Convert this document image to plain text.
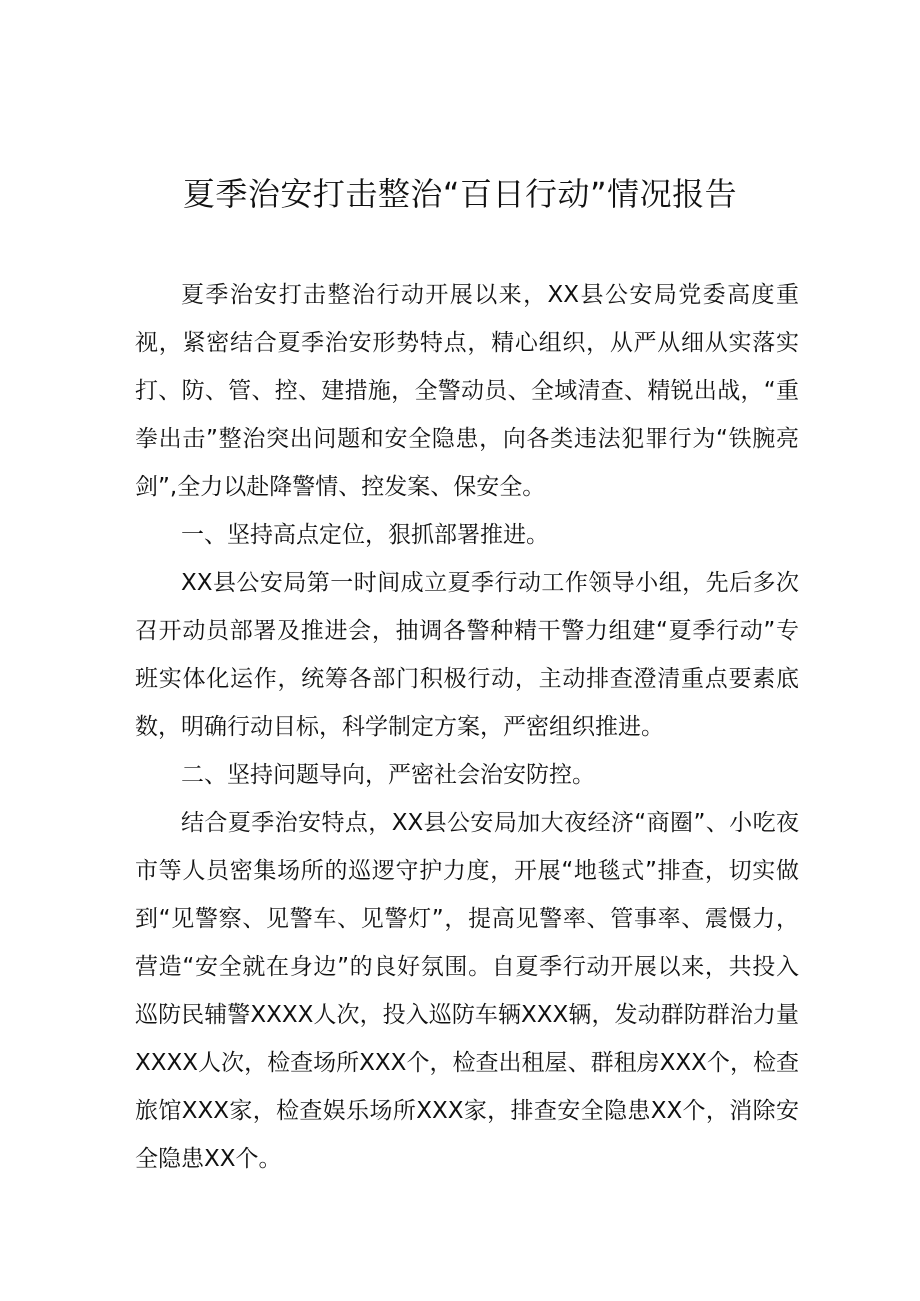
夏季治安打击整治“百日行动”情况报告

夏季治安打击整治行动开展以来，XX县公安局党委高度重视，紧密结合夏季治安形势特点，精心组织，从严从细从实落实打、防、管、控、建措施，全警动员、全域清查、精锐出战，“重拳出击”整治突出问题和安全隐患，向各类违法犯罪行为“铁腕亮剑”,全力以赴降警情、控发案、保安全。

一、坚持高点定位，狠抓部署推进。

XX县公安局第一时间成立夏季行动工作领导小组，先后多次召开动员部署及推进会，抽调各警种精干警力组建“夏季行动”专班实体化运作，统筹各部门积极行动，主动排查澄清重点要素底数，明确行动目标，科学制定方案，严密组织推进。

二、坚持问题导向，严密社会治安防控。

结合夏季治安特点，XX县公安局加大夜经济“商圈”、小吃夜市等人员密集场所的巡逻守护力度，开展“地毯式”排查，切实做到“见警察、见警车、见警灯”，提高见警率、管事率、震慑力，营造“安全就在身边”的良好氛围。自夏季行动开展以来，共投入巡防民辅警XXXX人次，投入巡防车辆XXX辆，发动群防群治力量XXXX人次，检查场所XXX个，检查出租屋、群租房XXX个，检查旅馆XXX家，检查娱乐场所XXX家，排查安全隐患XX个，消除安全隐患XX个。
